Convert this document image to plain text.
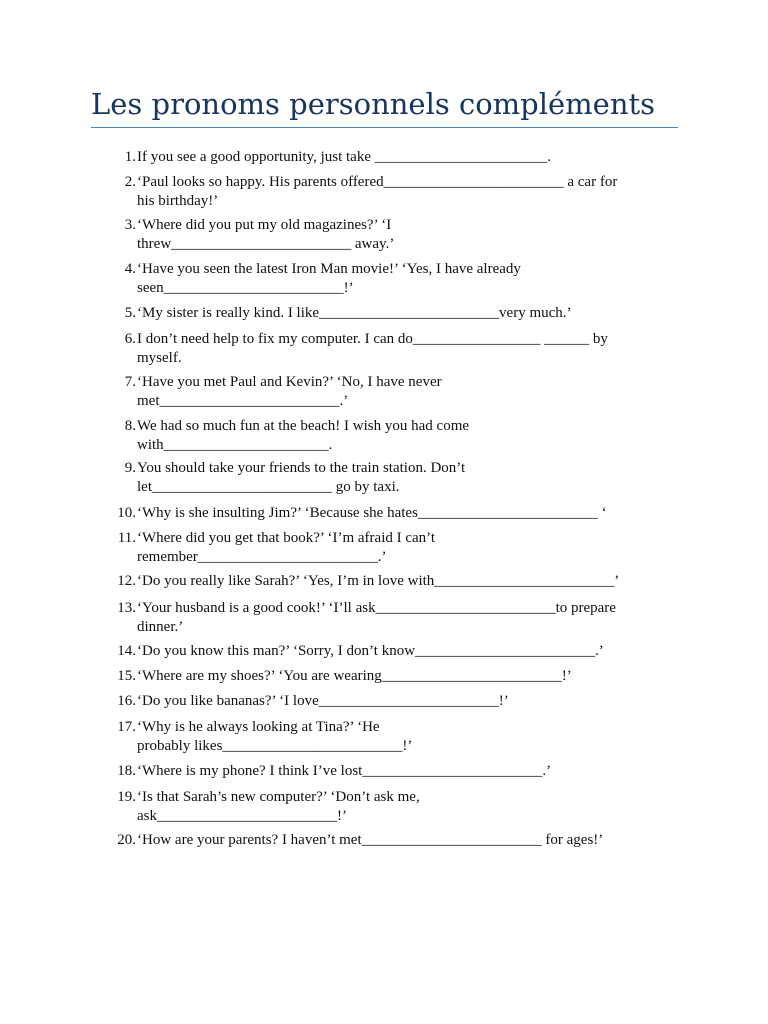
Les pronoms personnels compléments
1. If you see a good opportunity, just take _______________________.
2. ‘Paul looks so happy. His parents offered________________________ a car for
his birthday!’
3. ‘Where did you put my old magazines?’ ‘I
threw________________________ away.’
4. ‘Have you seen the latest Iron Man movie!’ ‘Yes, I have already
seen________________________!’
5. ‘My sister is really kind. I like________________________very much.’
6. I don’t need help to fix my computer. I can do_________________ ______ by
myself.
7. ‘Have you met Paul and Kevin?’ ‘No, I have never
met________________________.’
8. We had so much fun at the beach! I wish you had come
with______________________.
9. You should take your friends to the train station. Don’t
let________________________ go by taxi.
10. ‘Why is she insulting Jim?’ ‘Because she hates________________________ ‘
11. ‘Where did you get that book?’ ‘I’m afraid I can’t
remember________________________.’
12. ‘Do you really like Sarah?’ ‘Yes, I’m in love with________________________’
13. ‘Your husband is a good cook!’ ‘I’ll ask________________________to prepare
dinner.’
14. ‘Do you know this man?’ ‘Sorry, I don’t know________________________.’
15. ‘Where are my shoes?’ ‘You are wearing________________________!’
16. ‘Do you like bananas?’ ‘I love________________________!’
17. ‘Why is he always looking at Tina?’ ‘He
probably likes________________________!’
18. ‘Where is my phone? I think I’ve lost________________________.’
19. ‘Is that Sarah’s new computer?’ ‘Don’t ask me,
ask________________________!’
20. ‘How are your parents? I haven’t met________________________ for ages!’
